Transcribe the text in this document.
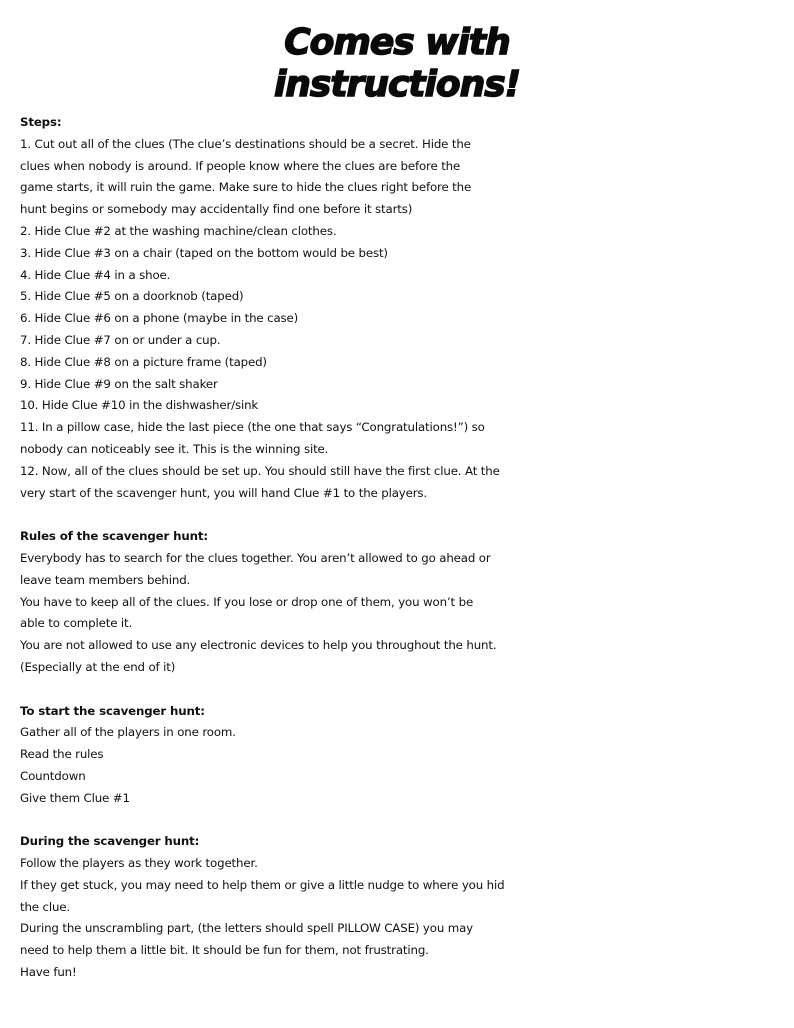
Comes with
instructions!
Steps:
1. Cut out all of the clues (The clue’s destinations should be a secret. Hide the
clues when nobody is around. If people know where the clues are before the
game starts, it will ruin the game. Make sure to hide the clues right before the
hunt begins or somebody may accidentally find one before it starts)
2. Hide Clue #2 at the washing machine/clean clothes.
3. Hide Clue #3 on a chair (taped on the bottom would be best)
4. Hide Clue #4 in a shoe.
5. Hide Clue #5 on a doorknob (taped)
6. Hide Clue #6 on a phone (maybe in the case)
7. Hide Clue #7 on or under a cup.
8. Hide Clue #8 on a picture frame (taped)
9. Hide Clue #9 on the salt shaker
10. Hide Clue #10 in the dishwasher/sink
11. In a pillow case, hide the last piece (the one that says “Congratulations!”) so
nobody can noticeably see it. This is the winning site.
12. Now, all of the clues should be set up. You should still have the first clue. At the
very start of the scavenger hunt, you will hand Clue #1 to the players.
Rules of the scavenger hunt:
Everybody has to search for the clues together. You aren’t allowed to go ahead or
leave team members behind.
You have to keep all of the clues. If you lose or drop one of them, you won’t be
able to complete it.
You are not allowed to use any electronic devices to help you throughout the hunt.
(Especially at the end of it)
To start the scavenger hunt:
Gather all of the players in one room.
Read the rules
Countdown
Give them Clue #1
During the scavenger hunt:
Follow the players as they work together.
If they get stuck, you may need to help them or give a little nudge to where you hid
the clue.
During the unscrambling part, (the letters should spell PILLOW CASE) you may
need to help them a little bit. It should be fun for them, not frustrating.
Have fun!
